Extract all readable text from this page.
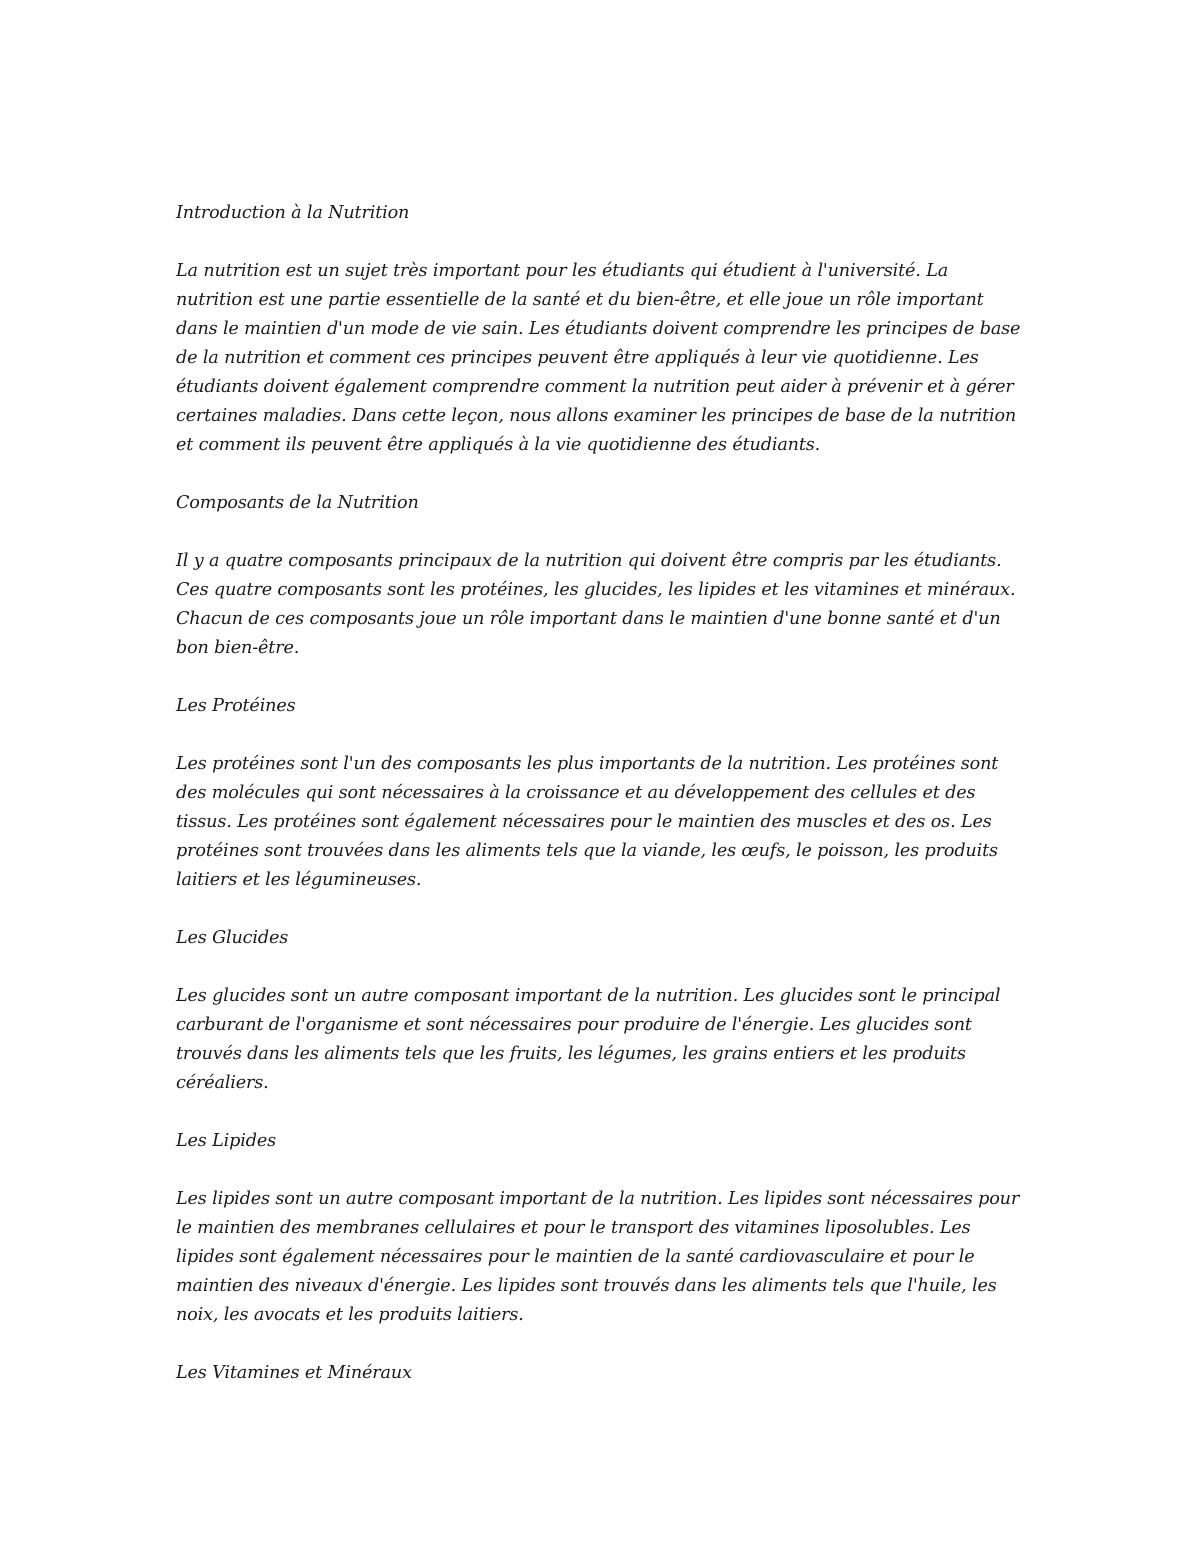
Introduction à la Nutrition

La nutrition est un sujet très important pour les étudiants qui étudient à l'université. La nutrition est une partie essentielle de la santé et du bien-être, et elle joue un rôle important dans le maintien d'un mode de vie sain. Les étudiants doivent comprendre les principes de base de la nutrition et comment ces principes peuvent être appliqués à leur vie quotidienne. Les étudiants doivent également comprendre comment la nutrition peut aider à prévenir et à gérer certaines maladies. Dans cette leçon, nous allons examiner les principes de base de la nutrition et comment ils peuvent être appliqués à la vie quotidienne des étudiants.

Composants de la Nutrition

Il y a quatre composants principaux de la nutrition qui doivent être compris par les étudiants. Ces quatre composants sont les protéines, les glucides, les lipides et les vitamines et minéraux. Chacun de ces composants joue un rôle important dans le maintien d'une bonne santé et d'un bon bien-être.

Les Protéines

Les protéines sont l'un des composants les plus importants de la nutrition. Les protéines sont des molécules qui sont nécessaires à la croissance et au développement des cellules et des tissus. Les protéines sont également nécessaires pour le maintien des muscles et des os. Les protéines sont trouvées dans les aliments tels que la viande, les œufs, le poisson, les produits laitiers et les légumineuses.

Les Glucides

Les glucides sont un autre composant important de la nutrition. Les glucides sont le principal carburant de l'organisme et sont nécessaires pour produire de l'énergie. Les glucides sont trouvés dans les aliments tels que les fruits, les légumes, les grains entiers et les produits céréaliers.

Les Lipides

Les lipides sont un autre composant important de la nutrition. Les lipides sont nécessaires pour le maintien des membranes cellulaires et pour le transport des vitamines liposolubles. Les lipides sont également nécessaires pour le maintien de la santé cardiovasculaire et pour le maintien des niveaux d'énergie. Les lipides sont trouvés dans les aliments tels que l'huile, les noix, les avocats et les produits laitiers.

Les Vitamines et Minéraux
